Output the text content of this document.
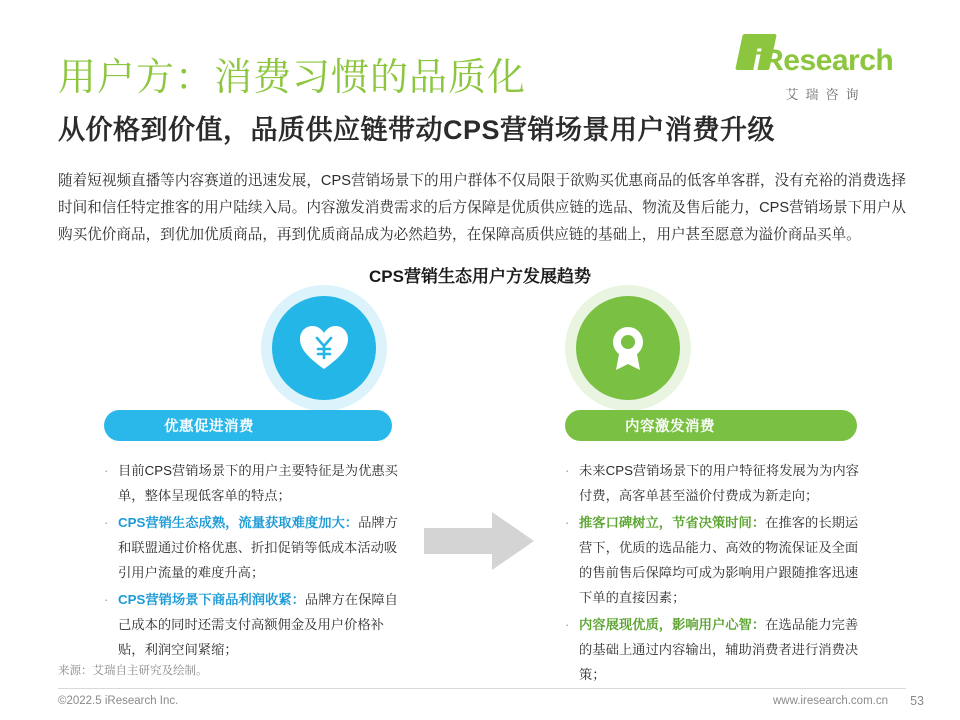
iResearch
艾瑞咨询
用户方：消费习惯的品质化
从价格到价值，品质供应链带动CPS营销场景用户消费升级
随着短视频直播等内容赛道的迅速发展，CPS营销场景下的用户群体不仅局限于欲购买优惠商品的低客单客群，没有充裕的消费选择时间和信任特定推客的用户陆续入局。内容激发消费需求的后方保障是优质供应链的选品、物流及售后能力，CPS营销场景下用户从购买优价商品，到优加优质商品，再到优质商品成为必然趋势，在保障高质供应链的基础上，用户甚至愿意为溢价商品买单。
CPS营销生态用户方发展趋势
优惠促进消费	内容激发消费
· 目前CPS营销场景下的用户主要特征是为优惠买单，整体呈现低客单的特点；
· CPS营销生态成熟，流量获取难度加大：品牌方和联盟通过价格优惠、折扣促销等低成本活动吸引用户流量的难度升高；
· CPS营销场景下商品利润收紧：品牌方在保障自己成本的同时还需支付高额佣金及用户价格补贴，利润空间紧缩；
· 未来CPS营销场景下的用户特征将发展为为内容付费，高客单甚至溢价付费成为新走向；
· 推客口碑树立，节省决策时间：在推客的长期运营下，优质的选品能力、高效的物流保证及全面的售前售后保障均可成为影响用户跟随推客迅速下单的直接因素；
· 内容展现优质，影响用户心智：在选品能力完善的基础上通过内容输出，辅助消费者进行消费决策；
来源：艾瑞自主研究及绘制。
©2022.5 iResearch Inc.	www.iresearch.com.cn 53
